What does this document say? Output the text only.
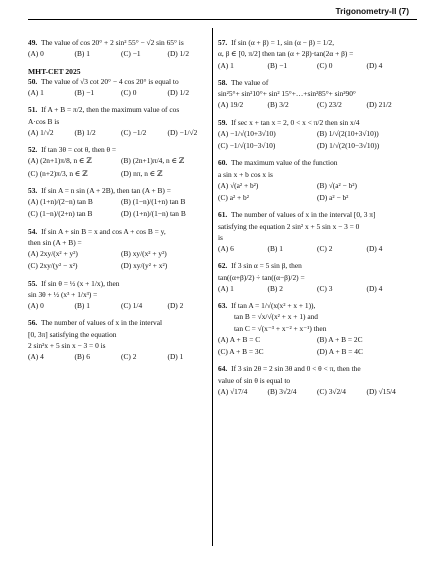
Trigonometry-II (7)
49. The value of cos 20° + 2 sin² 55° − √2 sin 65° is
(A) 0	(B) 1	(C) −1	(D) 1/2
MHT-CET 2025
50. The value of √3 cot 20° − 4 cos 20° is equal to
(A) 1	(B) −1	(C) 0	(D) 1/2
51. If A + B = π/2, then the maximum value of cos
A·cos B is
(A) 1/√2	(B) 1/2	(C) −1/2	(D) −1/√2
52. If tan 3θ = cot θ, then θ =
(A) (2n+1)π/8, n ∈ ℤ	(B) (2n+1)π/4, n ∈ ℤ
(C) (n+2)π/3, n ∈ ℤ	(D) nπ, n ∈ ℤ
53. If sin A = n sin (A + 2B), then tan (A + B) =
(A) (1+n)/(2−n) tan B	(B) (1−n)/(1+n) tan B
(C) (1−n)/(2+n) tan B	(D) (1+n)/(1−n) tan B
54. If sin A + sin B = x and cos A + cos B = y,
then sin (A + B) =
(A) 2xy/(x² + y²)	(B) xy/(x² + y²)
(C) 2xy/(y² − x²)	(D) xy/(y² + x²)
55. If sin θ = ½ (x + 1/x), then
sin 3θ + ½ (x³ + 1/x³) =
(A) 0	(B) 1	(C) 1/4	(D) 2
56. The number of values of x in the interval
[0, 3π] satisfying the equation
2 sin²x + 5 sin x − 3 = 0 is
(A) 4	(B) 6	(C) 2	(D) 1
57. If sin (α + β) = 1, sin (α − β) = 1/2,
α, β ∈ [0, π/2] then tan (α + 2β)·tan(2α + β) =
(A) 1	(B) −1	(C) 0	(D) 4
58. The value of
sin²5°+ sin²10°+ sin² 15°+…+sin²85°+ sin²90°
(A) 19/2	(B) 3/2	(C) 23/2	(D) 21/2
59. If sec x + tan x = 2, 0 < x < π/2 then sin x/4
(A) −1/√(10+3√10)	(B) 1/√(2(10+3√10))
(C) −1/√(10−3√10)	(D) 1/√(2(10−3√10))
60. The maximum value of the function
a sin x + b cos x is
(A) √(a² + b²)	(B) √(a² − b²)
(C) a² + b²	(D) a² − b²
61. The number of values of x in the interval [0, 3 π]
satisfying the equation 2 sin² x + 5 sin x − 3 = 0
is
(A) 6	(B) 1	(C) 2	(D) 4
62. If 3 sin α = 5 sin β, then
tan((α+β)/2) ÷ tan((α−β)/2) =
(A) 1	(B) 2	(C) 3	(D) 4
63. If tan A = 1/√(x(x² + x + 1)),
tan B = √x/√(x² + x + 1) and
tan C = √(x⁻³ + x⁻² + x⁻¹) then
(A) A + B = C	(B) A + B = 2C
(C) A + B = 3C	(D) A + B = 4C
64. If 3 sin 2θ = 2 sin 3θ and 0 < θ < π, then the
value of sin θ is equal to
(A) √17/4	(B) 3√2/4	(C) 3√2/4	(D) √15/4
